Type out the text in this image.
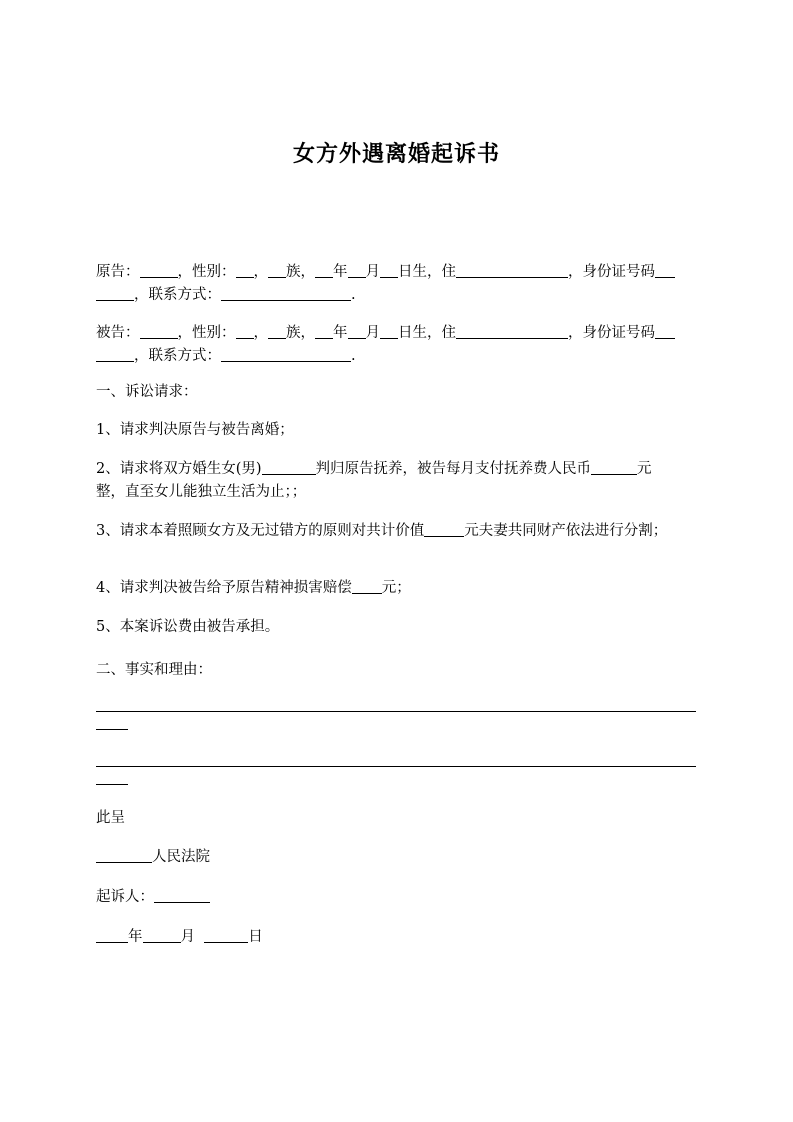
女方外遇离婚起诉书
原告：	，性别： ， 族， 年 月 日生，住	，身份证号码
，联系方式：	.
被告：	，性别： ， 族， 年 月 日生，住	，身份证号码
，联系方式：	.
一、诉讼请求：
1、请求判决原告与被告离婚；
2、请求将双方婚生女(男)	判归原告抚养，被告每月支付抚养费人民币	元
整，直至女儿能独立生活为止；；
3、请求本着照顾女方及无过错方的原则对共计价值	元夫妻共同财产依法进行分割；
4、请求判决被告给予原告精神损害赔偿 元；
5、本案诉讼费由被告承担。
二、事实和理由：
此呈
人民法院
起诉人：
年	月	日
